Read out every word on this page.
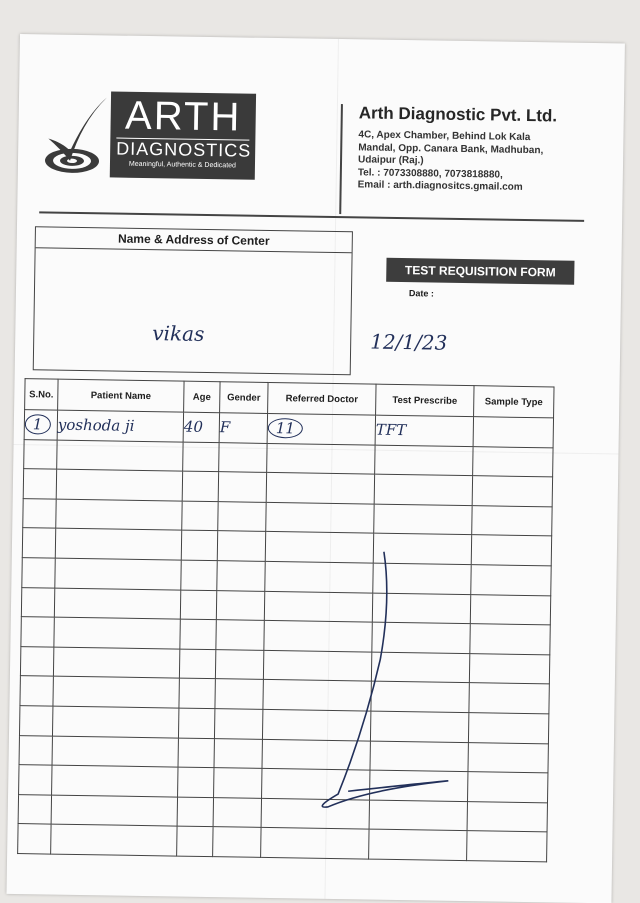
ARTH
DIAGNOSTICS
Meaningful, Authentic & Dedicated
Arth Diagnostic Pvt. Ltd.
4C, Apex Chamber, Behind Lok Kala
Mandal, Opp. Canara Bank, Madhuban,
Udaipur (Raj.)
Tel. : 7073308880, 7073818880,
Email : arth.diagnositcs.gmail.com
Name & Address of Center
vikas
TEST REQUISITION FORM
Date :
12/1/23
S.No.	Patient Name	Age	Gender	Referred Doctor	Test Prescribe	Sample Type
1	yoshoda ji	40	F	11	TFT	
